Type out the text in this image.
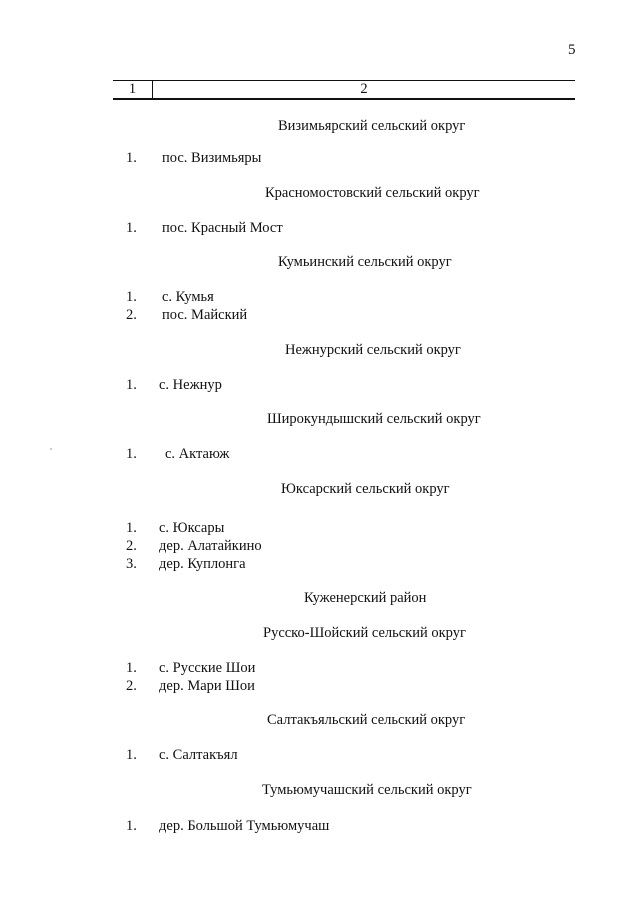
5
1	2
Визимьярский сельский округ
1. пос. Визимьяры
Красномостовский сельский округ
1. пос. Красный Мост
Кумьинский сельский округ
1. с. Кумья
2. пос. Майский
Нежнурский сельский округ
1. с. Нежнур
Широкундышский сельский округ
1. с. Актаюж
Юксарский сельский округ
1. с. Юксары
2. дер. Алатайкино
3. дер. Куплонга
Куженерский район
Русско-Шойский сельский округ
1. с. Русские Шои
2. дер. Мари Шои
Салтакъяльский сельский округ
1. с. Салтакъял
Тумьюмучашский сельский округ
1. дер. Большой Тумьюмучаш
